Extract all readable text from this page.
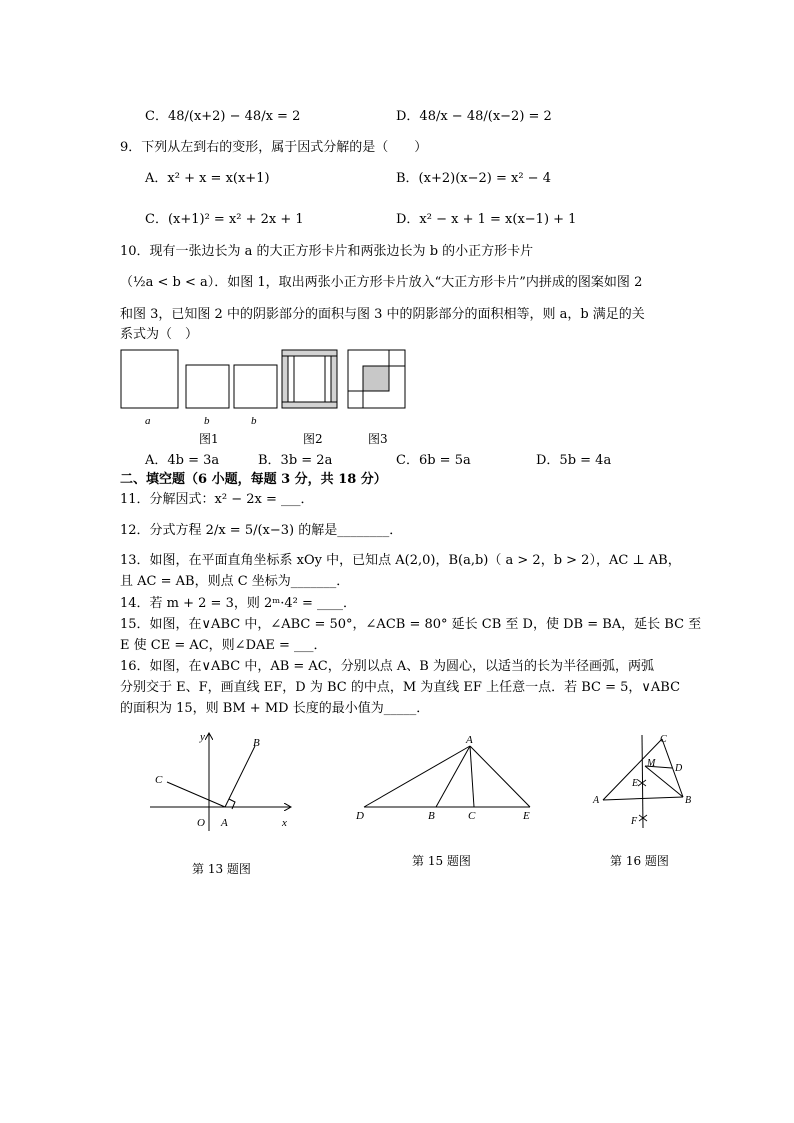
C．48/(x+2) − 48/x = 2	D．48/x − 48/(x−2) = 2
9．下列从左到右的变形，属于因式分解的是（　　）
A．x² + x = x(x+1)	B．(x+2)(x−2) = x² − 4
C．(x+1)² = x² + 2x + 1	D．x² − x + 1 = x(x−1) + 1
10．现有一张边长为 a 的大正方形卡片和两张边长为 b 的小正方形卡片
（½a < b < a）．如图 1，取出两张小正方形卡片放入“大正方形卡片”内拼成的图案如图 2
和图 3，已知图 2 中的阴影部分的面积与图 3 中的阴影部分的面积相等，则 a，b 满足的关
系式为（　）
a	b	b
图1	图2	图3
A．4b = 3a	B．3b = 2a	C．6b = 5a	D．5b = 4a
二、填空题（6 小题，每题 3 分，共 18 分）
11．分解因式：x² − 2x = ___．
12．分式方程 2/x = 5/(x−3) 的解是________．
13．如图，在平面直角坐标系 xOy 中，已知点 A(2,0)，B(a,b)（ a > 2，b > 2），AC ⊥ AB，
且 AC = AB，则点 C 坐标为_______．
14．若 m + 2 = 3，则 2ᵐ·4² = ____．
15．如图，在∨ABC 中，∠ABC = 50°，∠ACB = 80° 延长 CB 至 D，使 DB = BA，延长 BC 至
E 使 CE = AC，则∠DAE = ___．
16．如图，在∨ABC 中，AB = AC，分别以点 A、B 为圆心，以适当的长为半径画弧，两弧
分别交于 E、F，画直线 EF，D 为 BC 的中点，M 为直线 EF 上任意一点．若 BC = 5，∨ABC
的面积为 15，则 BM + MD 长度的最小值为_____．
y	B
C
O A	x
第 13 题图
A
D	B	C	E
第 15 题图
C
M D
E
A	B
F
第 16 题图
